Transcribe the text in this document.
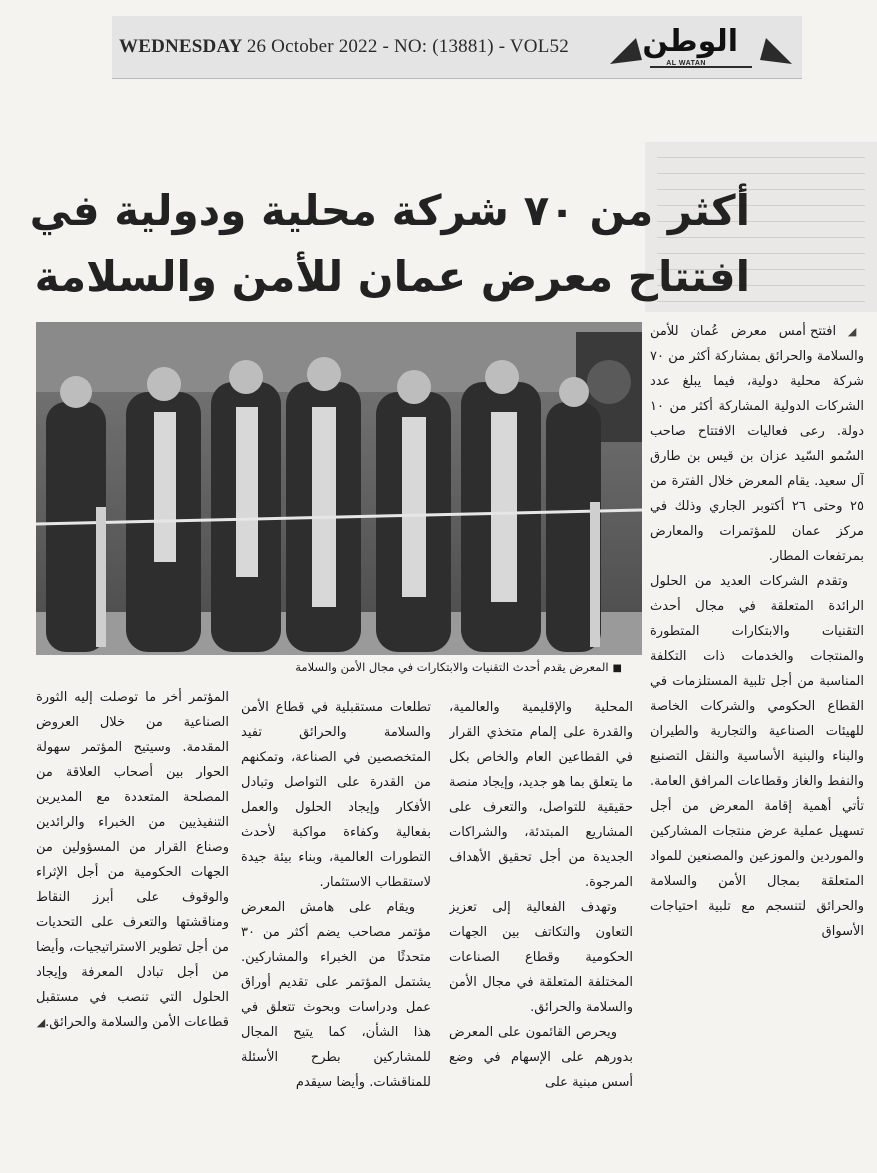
WEDNESDAY 26 October 2022 - NO: (13881) - VOL52 الوطن
AL WATAN
أكثر من ٧٠ شركة محلية ودولية في
افتتاح معرض عمان للأمن والسلامة
■المعرض يقدم أحدث التقنيات والابتكارات في مجال الأمن والسلامة

◢ افتتح أمس معرض عُمان للأمن والسلامة والحرائق بمشاركة أكثر من ٧٠ شركة محلية دولية، فيما يبلغ عدد الشركات الدولية المشاركة أكثر من ١٠ دولة. رعى فعاليات الافتتاح صاحب السُمو السّيد عزان بن قيس بن طارق آل سعيد. يقام المعرض خلال الفترة من ٢٥ وحتى ٢٦ أكتوبر الجاري وذلك في مركز عمان للمؤتمرات والمعارض بمرتفعات المطار.

وتقدم الشركات العديد من الحلول الرائدة المتعلقة في مجال أحدث التقنيات والابتكارات المتطورة والمنتجات والخدمات ذات التكلفة المناسبة من أجل تلبية المستلزمات في القطاع الحكومي والشركات الخاصة للهيئات الصناعية والتجارية والطيران والبناء والبنية الأساسية والنقل التصنيع والنفط والغاز وقطاعات المرافق العامة. تأتي أهمية إقامة المعرض من أجل تسهيل عملية عرض منتجات المشاركين والموردين والموزعين والمصنعين للمواد المتعلقة بمجال الأمن والسلامة والحرائق لتنسجم مع تلبية احتياجات الأسواق

المحلية والإقليمية والعالمية، والقدرة على إلمام متخذي القرار في القطاعين العام والخاص بكل ما يتعلق بما هو جديد، وإيجاد منصة حقيقية للتواصل، والتعرف على المشاريع المبتدئة، والشراكات الجديدة من أجل تحقيق الأهداف المرجوة.

وتهدف الفعالية إلى تعزيز التعاون والتكاتف بين الجهات الحكومية وقطاع الصناعات المختلفة المتعلقة في مجال الأمن والسلامة والحرائق.

ويحرص القائمون على المعرض بدورهم على الإسهام في وضع أسس مبنية على

تطلعات مستقبلية في قطاع الأمن والسلامة والحرائق تفيد المتخصصين في الصناعة، وتمكنهم من القدرة على التواصل وتبادل الأفكار وإيجاد الحلول والعمل بفعالية وكفاءة مواكبة لأحدث التطورات العالمية، وبناء بيئة جيدة لاستقطاب الاستثمار.

ويقام على هامش المعرض مؤتمر مصاحب يضم أكثر من ٣٠ متحدثًا من الخبراء والمشاركين. يشتمل المؤتمر على تقديم أوراق عمل ودراسات وبحوث تتعلق في هذا الشأن، كما يتيح المجال للمشاركين بطرح الأسئلة للمناقشات. وأيضا سيقدم

المؤتمر أخر ما توصلت إليه الثورة الصناعية من خلال العروض المقدمة. وسيتيح المؤتمر سهولة الحوار بين أصحاب العلاقة من المصلحة المتعددة مع المديرين التنفيذيين من الخبراء والرائدين وصناع القرار من المسؤولين من الجهات الحكومية من أجل الإثراء والوقوف على أبرز النقاط ومناقشتها والتعرف على التحديات من أجل تطوير الاستراتيجيات، وأيضا من أجل تبادل المعرفة وإيجاد الحلول التي تنصب في مستقبل قطاعات الأمن والسلامة والحرائق.◢
